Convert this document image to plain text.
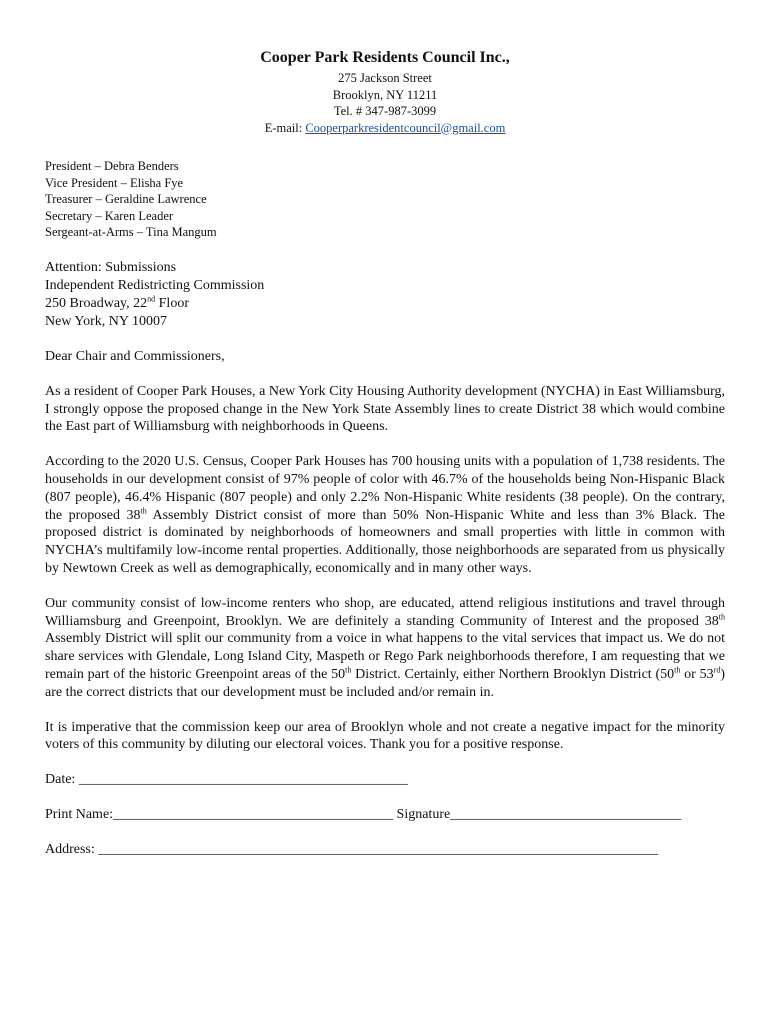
Cooper Park Residents Council Inc.,
275 Jackson Street
Brooklyn, NY 11211
Tel. # 347-987-3099
E-mail: Cooperparkresidentcouncil@gmail.com
President – Debra Benders
Vice President – Elisha Fye
Treasurer – Geraldine Lawrence
Secretary – Karen Leader
Sergeant-at-Arms – Tina Mangum
Attention: Submissions
Independent Redistricting Commission
250 Broadway, 22nd Floor
New York, NY 10007

Dear Chair and Commissioners,

As a resident of Cooper Park Houses, a New York City Housing Authority development (NYCHA) in East Williamsburg, I strongly oppose the proposed change in the New York State Assembly lines to create District 38 which would combine the East part of Williamsburg with neighborhoods in Queens.

According to the 2020 U.S. Census, Cooper Park Houses has 700 housing units with a population of 1,738 residents. The households in our development consist of 97% people of color with 46.7% of the households being Non-Hispanic Black (807 people), 46.4% Hispanic (807 people) and only 2.2% Non-Hispanic White residents (38 people). On the contrary, the proposed 38th Assembly District consist of more than 50% Non-Hispanic White and less than 3% Black. The proposed district is dominated by neighborhoods of homeowners and small properties with little in common with NYCHA’s multifamily low-income rental properties. Additionally, those neighborhoods are separated from us physically by Newtown Creek as well as demographically, economically and in many other ways.

Our community consist of low-income renters who shop, are educated, attend religious institutions and travel through Williamsburg and Greenpoint, Brooklyn. We are definitely a standing Community of Interest and the proposed 38th Assembly District will split our community from a voice in what happens to the vital services that impact us. We do not share services with Glendale, Long Island City, Maspeth or Rego Park neighborhoods therefore, I am requesting that we remain part of the historic Greenpoint areas of the 50th District. Certainly, either Northern Brooklyn District (50th or 53rd) are the correct districts that our development must be included and/or remain in.

It is imperative that the commission keep our area of Brooklyn whole and not create a negative impact for the minority voters of this community by diluting our electoral voices. Thank you for a positive response.

Date: _______________________________________________
Print Name:________________________________________ Signature_________________________________
Address: ________________________________________________________________________________
